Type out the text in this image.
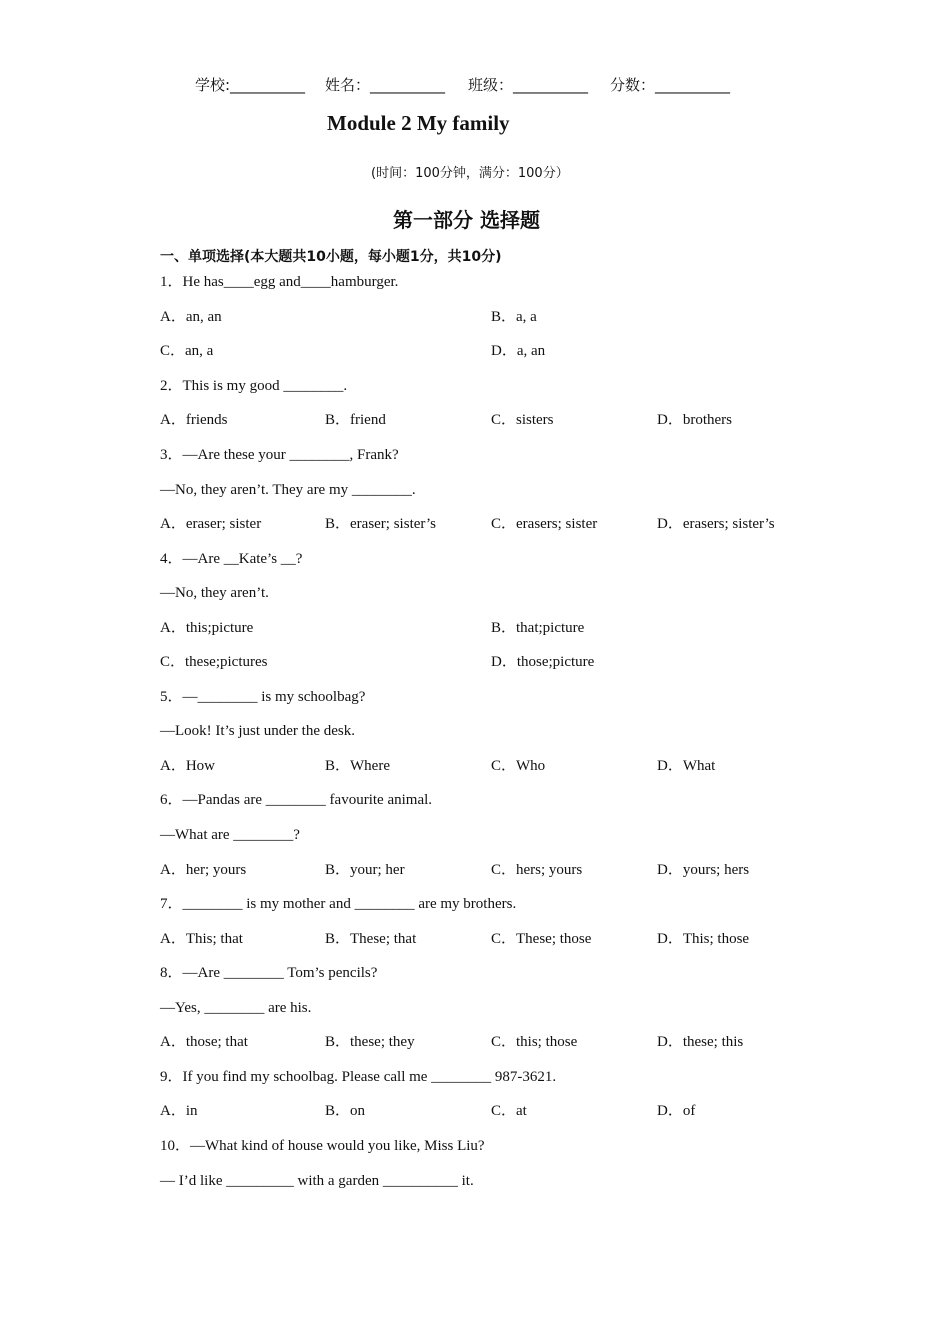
学校:__________ 姓名：__________ 班级：__________ 分数：__________
Module 2 My family
(时间：100分钟，满分：100分）
第一部分 选择题
一、单项选择(本大题共10小题，每小题1分，共10分)
1．He has____egg and____hamburger.
A．an, an	B．a, a
C．an, a	D．a, an
2．This is my good ________.
A．friends	B．friend	C．sisters	D．brothers
3．—Are these your ________, Frank?
—No, they aren’t. They are my ________.
A．eraser; sister	B．eraser; sister’s	C．erasers; sister	D．erasers; sister’s
4．—Are __Kate’s __?
—No, they aren’t.
A．this;picture	B．that;picture
C．these;pictures	D．those;picture
5．—________ is my schoolbag?
—Look! It’s just under the desk.
A．How	B．Where	C．Who	D．What
6．—Pandas are ________ favourite animal.
—What are ________?
A．her; yours	B．your; her	C．hers; yours	D．yours; hers
7．________ is my mother and ________ are my brothers.
A．This; that	B．These; that	C．These; those	D．This; those
8．—Are ________ Tom’s pencils?
—Yes, ________ are his.
A．those; that	B．these; they	C．this; those	D．these; this
9．If you find my schoolbag. Please call me ________ 987-3621.
A．in	B．on	C．at	D．of
10．—What kind of house would you like, Miss Liu?
— I’d like _________ with a garden __________ it.
